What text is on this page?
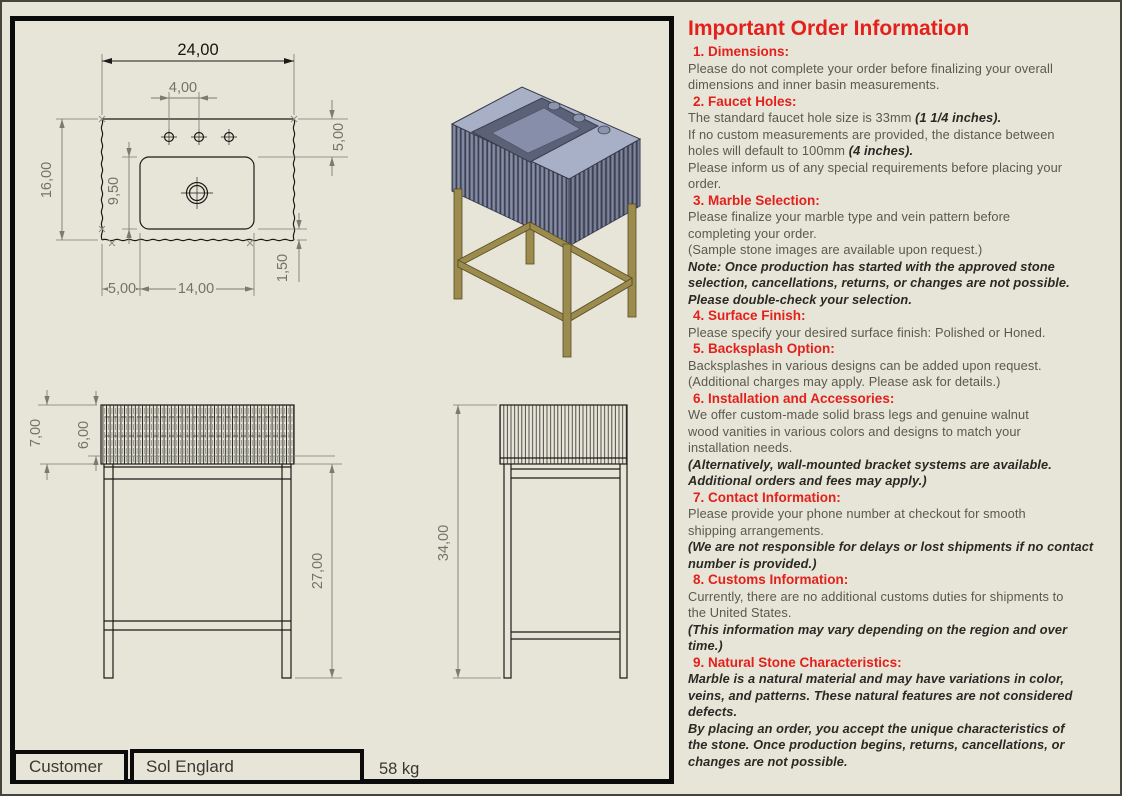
24,00
4,00
16,00	9,50
5,00
5,00	14,00
1,50
7,00 6,00
27,00
34,00
Customer	Sol Englard	58 kg
Important Order Information
1. Dimensions:
Please do not complete your order before finalizing your overall
dimensions and inner basin measurements.
2. Faucet Holes:
The standard faucet hole size is 33mm (1 1/4 inches).
If no custom measurements are provided, the distance between
holes will default to 100mm (4 inches).
Please inform us of any special requirements before placing your
order.
3. Marble Selection:
Please finalize your marble type and vein pattern before
completing your order.
(Sample stone images are available upon request.)
Note: Once production has started with the approved stone
selection, cancellations, returns, or changes are not possible.
Please double-check your selection.
4. Surface Finish:
Please specify your desired surface finish: Polished or Honed.
5. Backsplash Option:
Backsplashes in various designs can be added upon request.
(Additional charges may apply. Please ask for details.)
6. Installation and Accessories:
We offer custom-made solid brass legs and genuine walnut
wood vanities in various colors and designs to match your
installation needs.
(Alternatively, wall-mounted bracket systems are available.
Additional orders and fees may apply.)
7. Contact Information:
Please provide your phone number at checkout for smooth
shipping arrangements.
(We are not responsible for delays or lost shipments if no contact
number is provided.)
8. Customs Information:
Currently, there are no additional customs duties for shipments to
the United States.
(This information may vary depending on the region and over
time.)
9. Natural Stone Characteristics:
Marble is a natural material and may have variations in color,
veins, and patterns. These natural features are not considered
defects.
By placing an order, you accept the unique characteristics of
the stone. Once production begins, returns, cancellations, or
changes are not possible.
